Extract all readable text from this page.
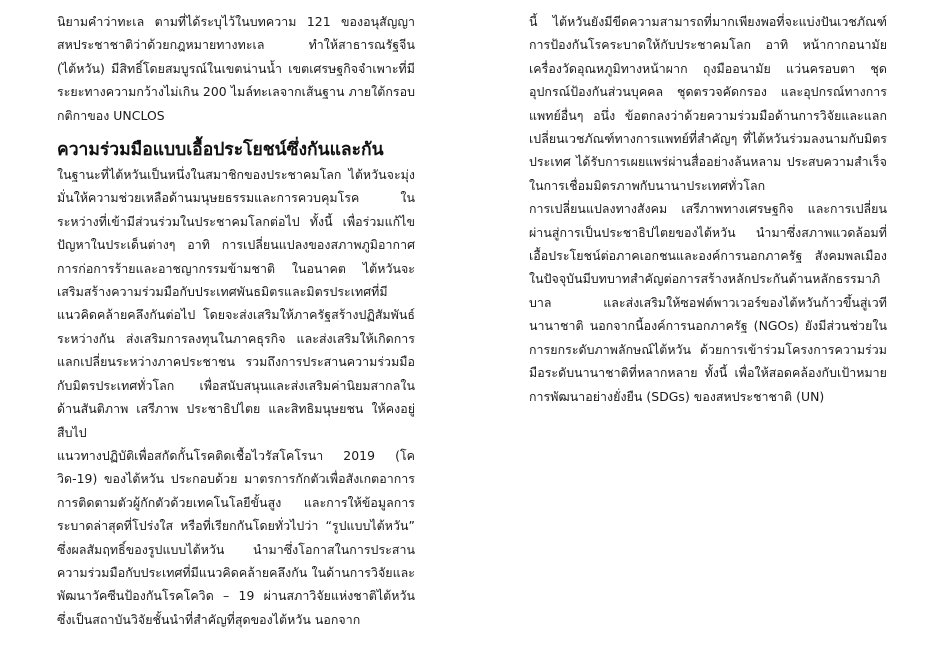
นิยามคำว่าทะเล ตามที่ได้ระบุไว้ในบทความ 121 ของอนุสัญญาสหประชาชาติว่าด้วยกฎหมายทางทะเล ทำให้สาธารณรัฐจีน (ไต้หวัน) มีสิทธิ์โดยสมบูรณ์ในเขตน่านน้ำ เขตเศรษฐกิจจำเพาะที่มีระยะทางความกว้างไม่เกิน 200 ไมล์ทะเลจากเส้นฐาน ภายใต้กรอบกติกาของ UNCLOS

ความร่วมมือแบบเอื้อประโยชน์ซึ่งกันและกัน

ในฐานะที่ไต้หวันเป็นหนึ่งในสมาชิกของประชาคมโลก ไต้หวันจะมุ่งมั่นให้ความช่วยเหลือด้านมนุษยธรรมและการควบคุมโรค ในระหว่างที่เข้ามีส่วนร่วมในประชาคมโลกต่อไป ทั้งนี้ เพื่อร่วมแก้ไขปัญหาในประเด็นต่างๆ อาทิ การเปลี่ยนแปลงของสภาพภูมิอากาศ การก่อการร้ายและอาชญากรรมข้ามชาติ ในอนาคต ไต้หวันจะเสริมสร้างความร่วมมือกับประเทศพันธมิตรและมิตรประเทศที่มีแนวคิดคล้ายคลึงกันต่อไป โดยจะส่งเสริมให้ภาครัฐสร้างปฏิสัมพันธ์ระหว่างกัน ส่งเสริมการลงทุนในภาคธุรกิจ และส่งเสริมให้เกิดการแลกเปลี่ยนระหว่างภาคประชาชน รวมถึงการประสานความร่วมมือกับมิตรประเทศทั่วโลก เพื่อสนับสนุนและส่งเสริมค่านิยมสากลในด้านสันติภาพ เสรีภาพ ประชาธิปไตย และสิทธิมนุษยชน ให้คงอยู่สืบไป

แนวทางปฏิบัติเพื่อสกัดกั้นโรคติดเชื้อไวรัสโคโรนา 2019 (โควิด-19) ของไต้หวัน ประกอบด้วย มาตรการกักตัวเพื่อสังเกตอาการ การติดตามตัวผู้กักตัวด้วยเทคโนโลยีขั้นสูง และการให้ข้อมูลการระบาดล่าสุดที่โปร่งใส หรือที่เรียกกันโดยทั่วไปว่า “รูปแบบไต้หวัน” ซึ่งผลสัมฤทธิ์ของรูปแบบไต้หวัน นำมาซึ่งโอกาสในการประสานความร่วมมือกับประเทศที่มีแนวคิดคล้ายคลึงกัน ในด้านการวิจัยและพัฒนาวัคซีนป้องกันโรคโควิด – 19 ผ่านสภาวิจัยแห่งชาติไต้หวัน ซึ่งเป็นสถาบันวิจัยชั้นนำที่สำคัญที่สุดของไต้หวัน นอกจาก

นี้ ไต้หวันยังมีขีดความสามารถที่มากเพียงพอที่จะแบ่งปันเวชภัณฑ์การป้องกันโรคระบาดให้กับประชาคมโลก อาทิ หน้ากากอนามัย เครื่องวัดอุณหภูมิทางหน้าผาก ถุงมืออนามัย แว่นครอบตา ชุดอุปกรณ์ป้องกันส่วนบุคคล ชุดตรวจคัดกรอง และอุปกรณ์ทางการแพทย์อื่นๆ อนึ่ง ข้อตกลงว่าด้วยความร่วมมือด้านการวิจัยและแลกเปลี่ยนเวชภัณฑ์ทางการแพทย์ที่สำคัญๆ ที่ไต้หวันร่วมลงนามกับมิตรประเทศ ได้รับการเผยแพร่ผ่านสื่ออย่างล้นหลาม ประสบความสำเร็จในการเชื่อมมิตรภาพกับนานาประเทศทั่วโลก

การเปลี่ยนแปลงทางสังคม เสรีภาพทางเศรษฐกิจ และการเปลี่ยนผ่านสู่การเป็นประชาธิปไตยของไต้หวัน นำมาซึ่งสภาพแวดล้อมที่เอื้อประโยชน์ต่อภาคเอกชนและองค์การนอกภาครัฐ สังคมพลเมืองในปัจจุบันมีบทบาทสำคัญต่อการสร้างหลักประกันด้านหลักธรรมาภิบาล และส่งเสริมให้ซอฟต์พาวเวอร์ของไต้หวันก้าวขึ้นสู่เวทีนานาชาติ นอกจากนี้องค์การนอกภาครัฐ (NGOs) ยังมีส่วนช่วยในการยกระดับภาพลักษณ์ไต้หวัน ด้วยการเข้าร่วมโครงการความร่วมมือระดับนานาชาติที่หลากหลาย ทั้งนี้ เพื่อให้สอดคล้องกับเป้าหมายการพัฒนาอย่างยั่งยืน (SDGs) ของสหประชาชาติ (UN)
